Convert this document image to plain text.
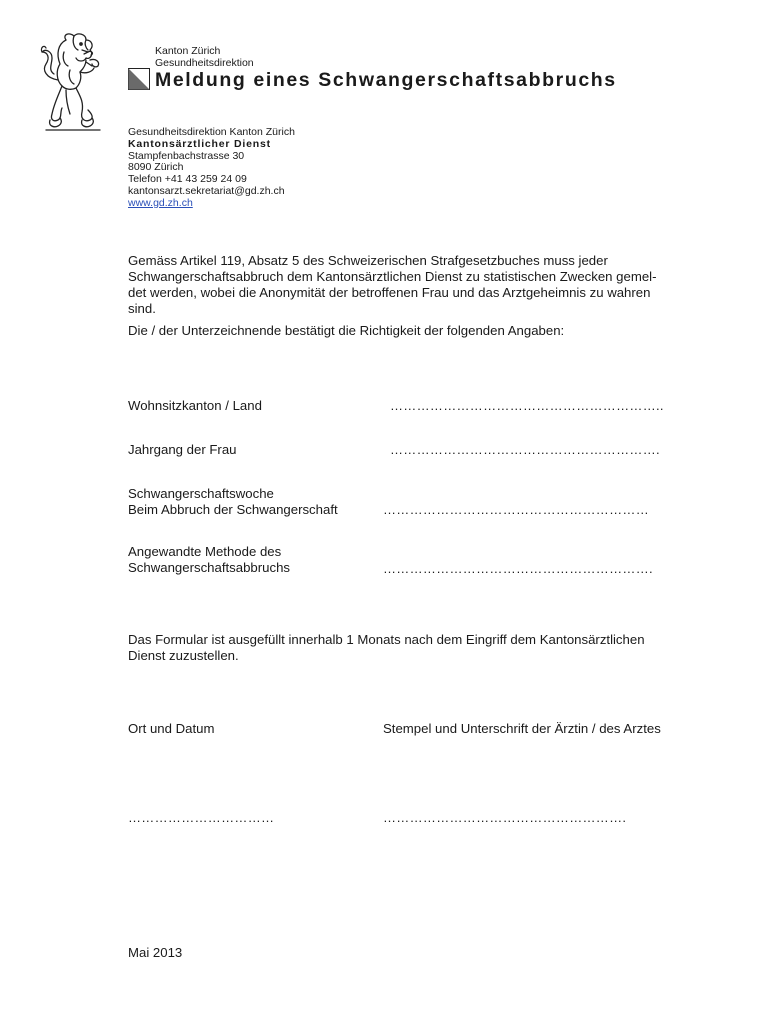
Kanton Zürich
Gesundheitsdirektion
Meldung eines Schwangerschaftsabbruchs
Gesundheitsdirektion Kanton Zürich
Kantonsärztlicher Dienst
Stampfenbachstrasse 30
8090 Zürich
Telefon +41 43 259 24 09
kantonsarzt.sekretariat@gd.zh.ch
www.gd.zh.ch
Gemäss Artikel 119, Absatz 5 des Schweizerischen Strafgesetzbuches muss jeder
Schwangerschaftsabbruch dem Kantonsärztlichen Dienst zu statistischen Zwecken gemel-
det werden, wobei die Anonymität der betroffenen Frau und das Arztgeheimnis zu wahren
sind.
Die / der Unterzeichnende bestätigt die Richtigkeit der folgenden Angaben:
Wohnsitzkanton / Land	……………………………………………………..
Jahrgang der Frau	…………………………………………………….
Schwangerschaftswoche
Beim Abbruch der Schwangerschaft	……………………………………………………
Angewandte Methode des
Schwangerschaftsabbruchs	…………………………………………………….
Das Formular ist ausgefüllt innerhalb 1 Monats nach dem Eingriff dem Kantonsärztlichen
Dienst zuzustellen.
Ort und Datum	Stempel und Unterschrift der Ärztin / des Arztes
……………………………	……………………………………………….
Mai 2013
